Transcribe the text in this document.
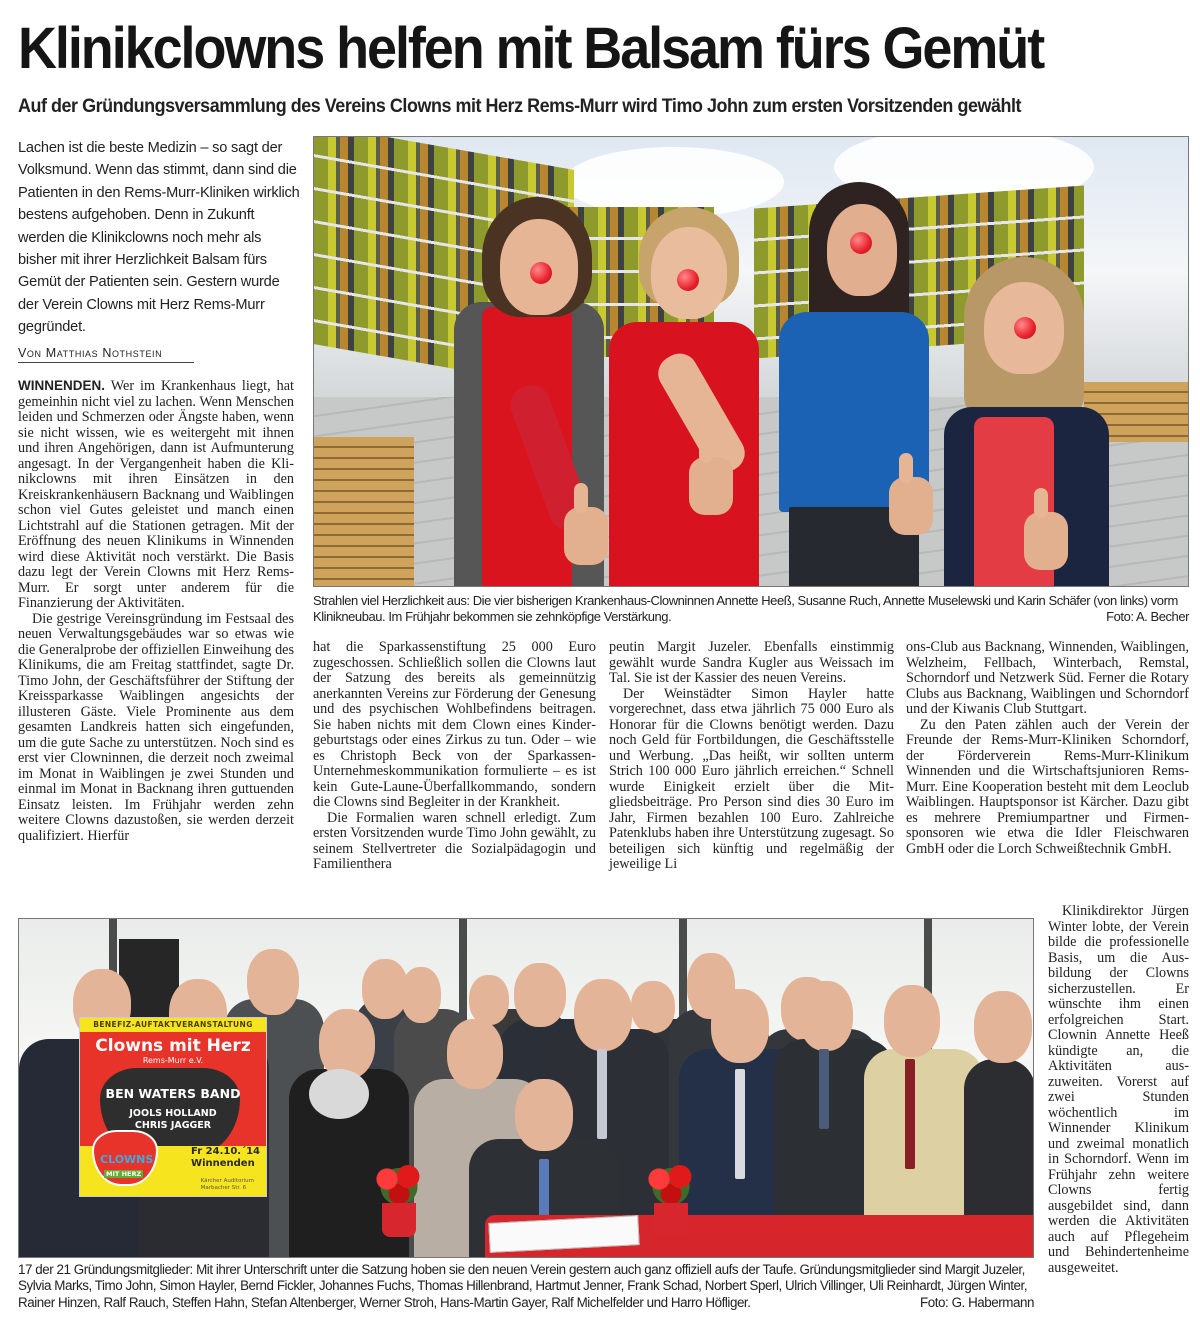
Klinikclowns helfen mit Balsam fürs Gemüt
Auf der Gründungsversammlung des Vereins Clowns mit Herz Rems-Murr wird Timo John zum ersten Vorsitzenden gewählt

Lachen ist die beste Medizin – so sagt der Volksmund. Wenn das stimmt, dann sind die Patienten in den Rems-Murr-Kliniken wirklich bestens aufgehoben. Denn in Zukunft werden die Klinikclowns noch mehr als bisher mit ihrer Herzlichkeit Balsam fürs Gemüt der Patienten sein. Gestern wurde der Verein Clowns mit Herz Rems-Murr gegründet.

Von Matthias Nothstein

WINNENDEN. Wer im Krankenhaus liegt, hat gemeinhin nicht viel zu lachen. Wenn Menschen leiden und Schmerzen oder Ängste haben, wenn sie nicht wissen, wie es weitergeht mit ihnen und ihren Angehörigen, dann ist Aufmunterung angesagt. In der Vergangenheit haben die Klinikclowns mit ihren Einsätzen in den Kreiskrankenhäusern Backnang und Waiblingen schon viel Gutes geleistet und manch einen Lichtstrahl auf die Stationen getragen. Mit der Eröffnung des neuen Klinikums in Winnenden wird diese Aktivität noch verstärkt. Die Basis dazu legt der Verein Clowns mit Herz Rems-Murr. Er sorgt unter anderem für die Finanzierung der Aktivitäten.

Die gestrige Vereinsgründung im Festsaal des neuen Verwaltungsgebäudes war so etwas wie die Generalprobe der offiziellen Einweihung des Klinikums, die am Freitag stattfindet, sagte Dr. Timo John, der Geschäftsführer der Stiftung der Kreissparkasse Waiblingen angesichts der illusteren Gäste. Viele Prominente aus dem gesamten Landkreis hatten sich eingefunden, um die gute Sache zu unterstützen. Noch sind es erst vier Clowninnen, die derzeit noch zweimal im Monat in Waiblingen je zwei Stunden und einmal im Monat in Backnang ihren guttuenden Einsatz leisten. Im Frühjahr werden zehn weitere Clowns dazustoßen, sie werden derzeit qualifiziert. Hierfür

Strahlen viel Herzlichkeit aus: Die vier bisherigen Krankenhaus-Clowninnen Annette Heeß, Susanne Ruch, Annette Muselewski und Karin Schäfer (von links) vorm Klinikneubau. Im Frühjahr bekommen sie zehnköpfige Verstärkung.	Foto: A. Becher

hat die Sparkassenstiftung 25 000 Euro zugeschossen. Schließlich sollen die Clowns laut der Satzung des bereits als gemeinnützig anerkannten Vereins zur Förderung der Genesung und des psychischen Wohlbefindens beitragen. Sie haben nichts mit dem Clown eines Kindergeburtstags oder eines Zirkus zu tun. Oder – wie es Christoph Beck von der Sparkassen-Unternehmeskommunikation formulierte – es ist kein Gute-Laune-Überfallkommando, sondern die Clowns sind Begleiter in der Krankheit.

Die Formalien waren schnell erledigt. Zum ersten Vorsitzenden wurde Timo John gewählt, zu seinem Stellvertreter die Sozialpädagogin und Familienthera

peutin Margit Juzeler. Ebenfalls einstimmig gewählt wurde Sandra Kugler aus Weissach im Tal. Sie ist der Kassier des neuen Vereins.

Der Weinstädter Simon Hayler hatte vorgerechnet, dass etwa jährlich 75 000 Euro als Honorar für die Clowns benötigt werden. Dazu noch Geld für Fortbildungen, die Geschäftsstelle und Werbung. „Das heißt, wir sollten unterm Strich 100 000 Euro jährlich erreichen.“ Schnell wurde Einigkeit erzielt über die Mitgliedsbeiträge. Pro Person sind dies 30 Euro im Jahr, Firmen bezahlen 100 Euro. Zahlreiche Patenklubs haben ihre Unterstützung zugesagt. So beteiligen sich künftig und regelmäßig der jeweilige Li

ons-Club aus Backnang, Winnenden, Waiblingen, Welzheim, Fellbach, Winterbach, Remstal, Schorndorf und Netzwerk Süd. Ferner die Rotary Clubs aus Backnang, Waiblingen und Schorndorf und der Kiwanis Club Stuttgart.

Zu den Paten zählen auch der Verein der Freunde der Rems-Murr-Kliniken Schorndorf, der Förderverein Rems-Murr-Klinikum Winnenden und die Wirtschaftsjunioren Rems-Murr. Eine Kooperation besteht mit dem Leoclub Waiblingen. Hauptsponsor ist Kärcher. Dazu gibt es mehrere Premiumpartner und Firmensponsoren wie etwa die Idler Fleischwaren GmbH oder die Lorch Schweißtechnik GmbH.

BENEFIZ-AUFTAKTVERANSTALTUNG
Clowns mit Herz
Rems-Murr e.V.
BEN WATERS BAND
JOOLS HOLLAND
CHRIS JAGGER
CLOWNS
MIT HERZ
Fr 24.10.´14
Winnenden
Kärcher Auditorium
Marbacher Str. 6
17 der 21 Gründungsmitglieder: Mit ihrer Unterschrift unter die Satzung hoben sie den neuen Verein gestern auch ganz offiziell aufs der Taufe. Gründungsmitglieder sind Margit Juzeler, Sylvia Marks, Timo John, Simon Hayler, Bernd Fickler, Johannes Fuchs, Thomas Hillenbrand, Hartmut Jenner, Frank Schad, Norbert Sperl, Ulrich Villinger, Uli Reinhardt, Jürgen Winter, Rainer Hinzen, Ralf Rauch, Steffen Hahn, Stefan Altenberger, Werner Stroh, Hans-Martin Gayer, Ralf Michelfelder und Harro Höfliger.	Foto: G. Habermann

Klinikdirektor Jürgen Winter lobte, der Verein bilde die professionelle Basis, um die Ausbildung der Clowns sicherzustellen. Er wünschte ihm einen erfolgreichen Start. Clownin Annette Heeß kündigte an, die Aktivitäten auszuweiten. Vorerst auf zwei Stunden wöchentlich im Winnender Klinikum und zweimal monatlich in Schorndorf. Wenn im Frühjahr zehn weitere Clowns fertig ausgebildet sind, dann werden die Aktivitäten auch auf Pflegeheim und Behindertenheime ausgeweitet.
